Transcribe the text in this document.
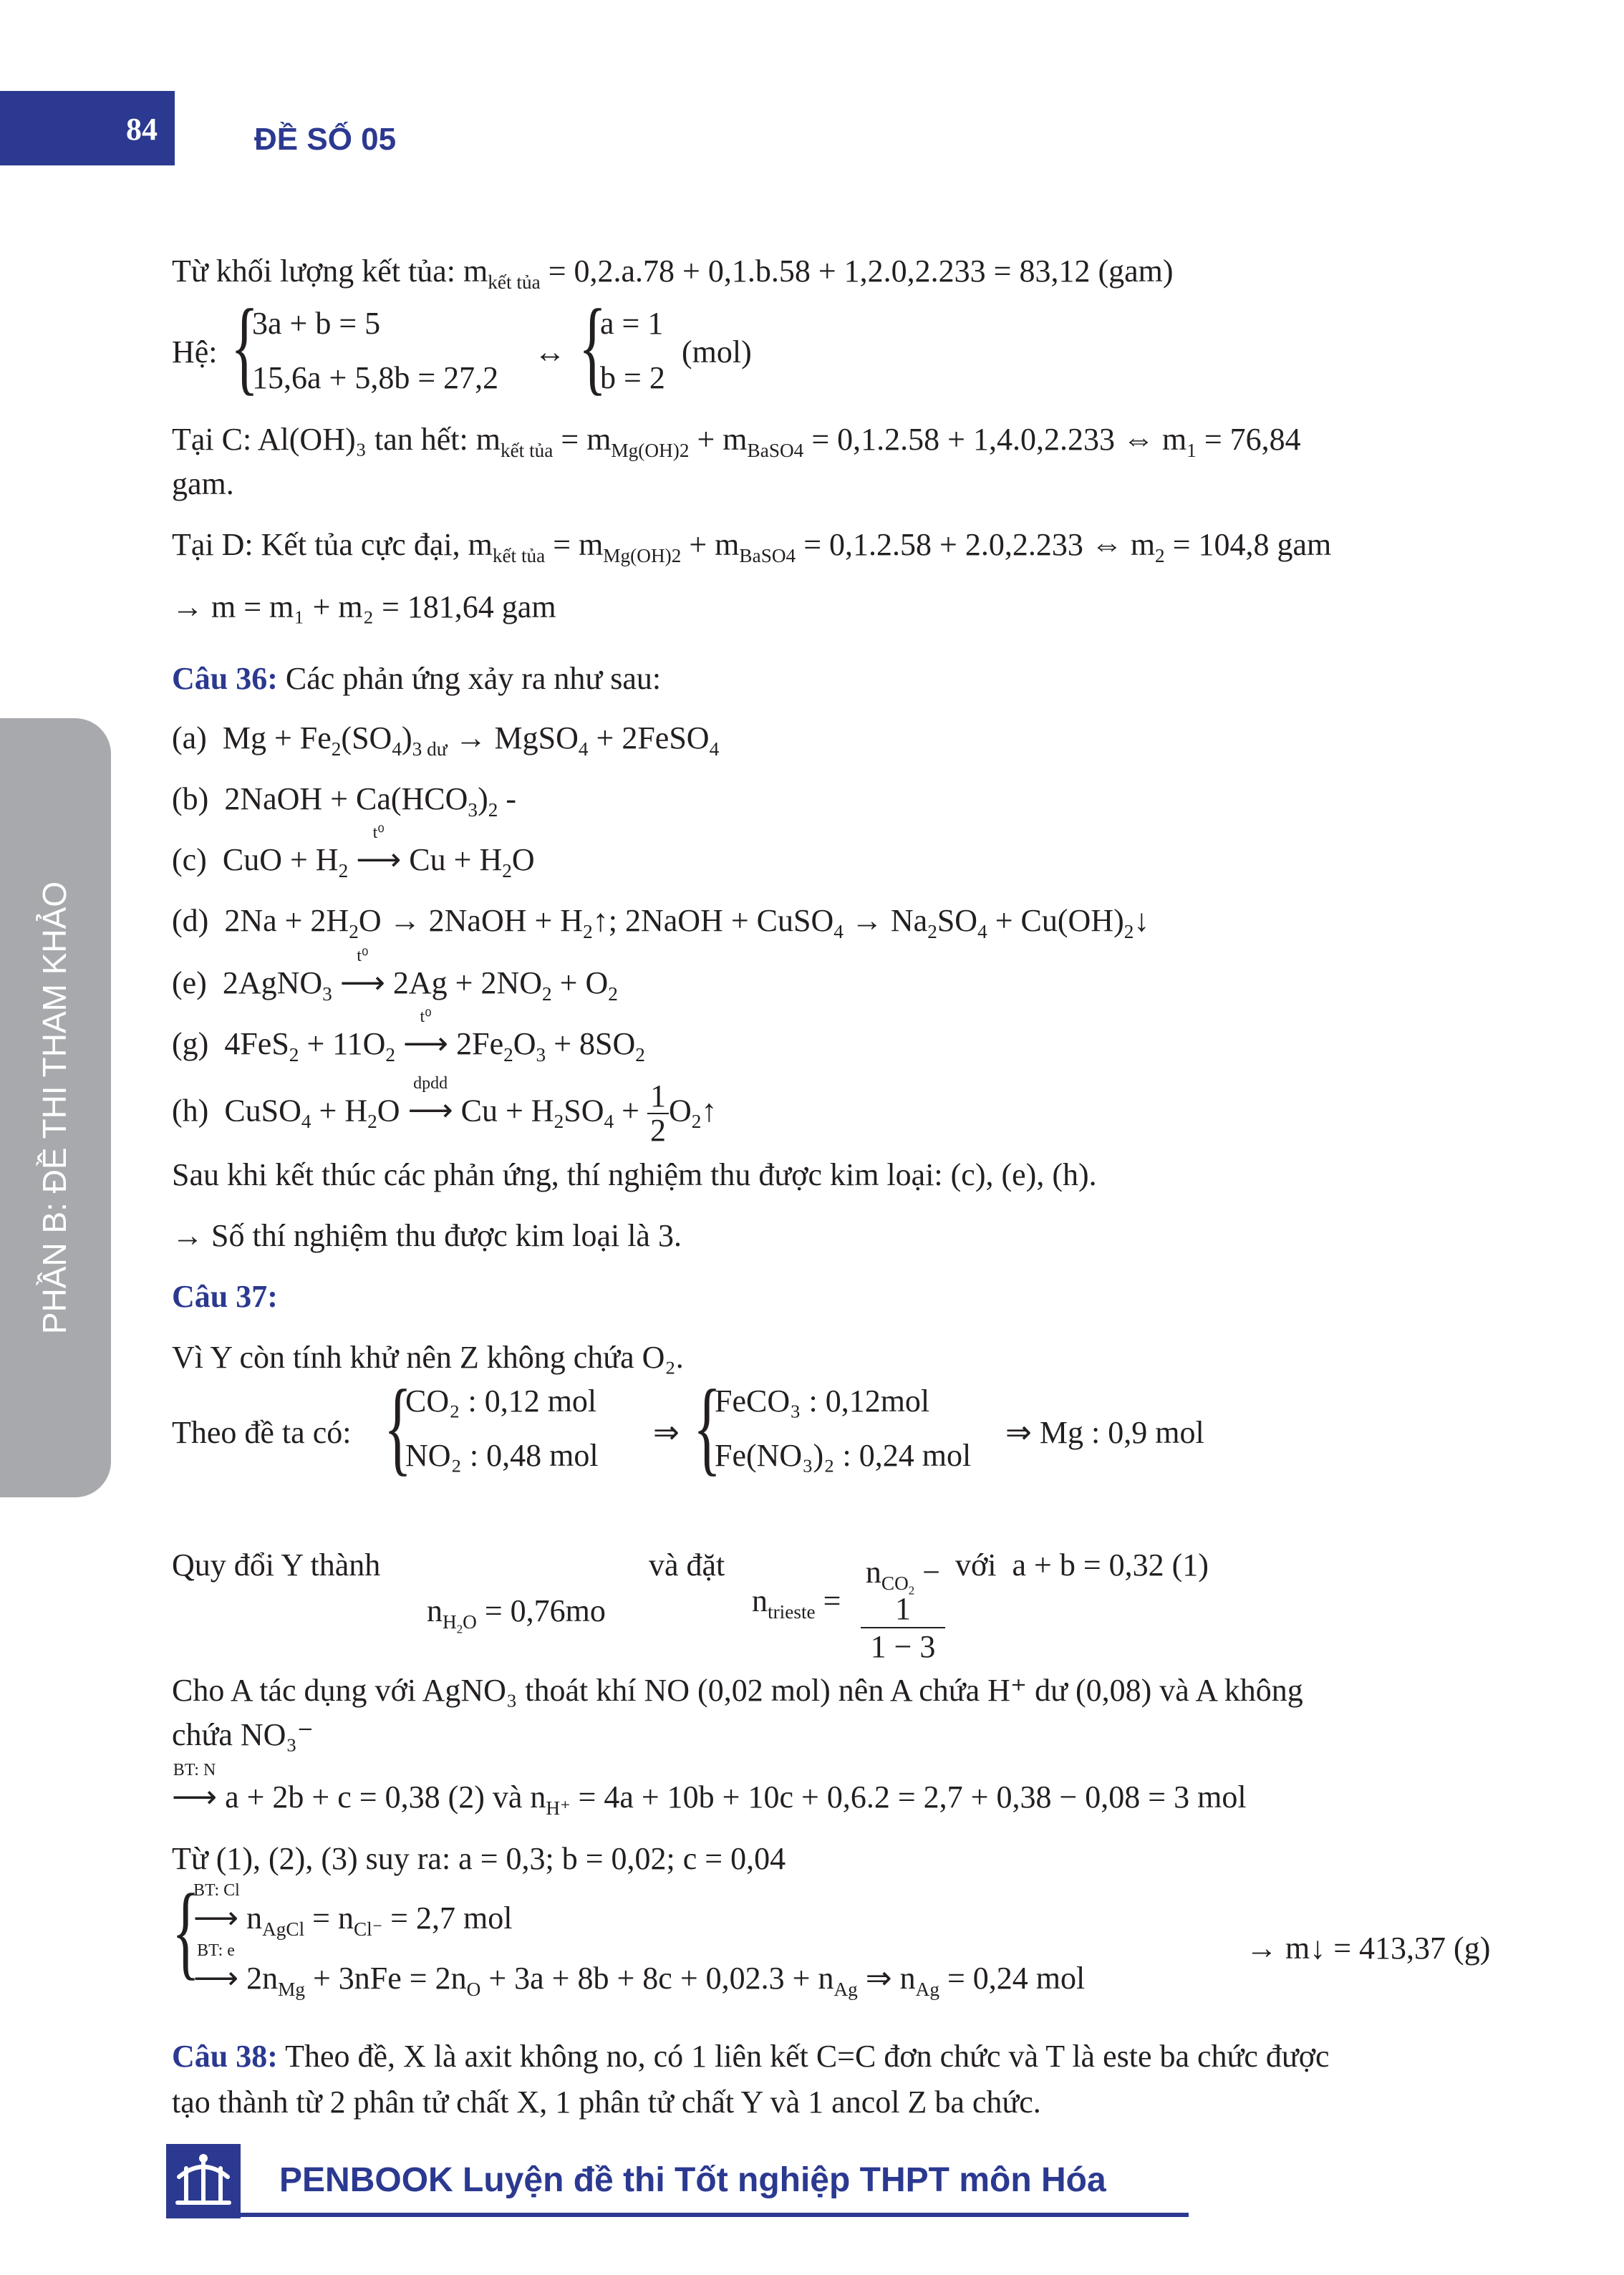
84	ĐỀ SỐ 05
PHẦN B: ĐỀ THI THAM KHẢO
Từ khối lượng kết tủa: $m_{kết tủa} = 0,2.a.78 + 0,1.b.58 + 1,2.0,2.233 = 83,12$ (gam)
Hệ: {
3a + b = 5
15,6a + 5,8b = 27,2
↔ {
a = 1
b = 2
(mol)
Tại C: Al(OH)₃ tan hết: $m_{kết tủa} = m_{Mg(OH)2} + m_{BaSO4} = 0,1.2.58 + 1,4.0,2.233$ ⇔ $m_1 = 76,84$
gam.
Tại D: Kết tủa cực đại, $m_{kết tủa} = m_{Mg(OH)2} + m_{BaSO4} = 0,1.2.58 + 2.0,2.233$ ⇔ $m_2 = 104,8$ gam
→ m = m₁ + m₂ = 181,64 gam
Câu 36: Các phản ứng xảy ra như sau:
(a)  $Mg + Fe_2(SO_4)_{3 dư}$ → MgSO$_4$ + 2FeSO$_4$
(b)  2NaOH + $Ca(HCO_3)_2$ -
(c)  CuO + $H_2$
t⁰
⟶ $Cu + H_2O$
(d)  $2Na + 2H_2O$ → 2NaOH + $H_2↑$; 2NaOH + CuSO$_4$ → $Na_2SO_4$ + $Cu(OH)_2↓$
(e)  2AgNO$_3$
t⁰
⟶ $2Ag + 2NO_2 + O_2$
(g)  $4FeS_2 + 11O_2$
t⁰
⟶ $2Fe_2O_3 + 8SO_2$
(h)  CuSO$_4$ + $H_2O$
dpdd
⟶ $Cu + H_2SO_4 + \frac{1}{2}$ $O_2↑$
Sau khi kết thúc các phản ứng, thí nghiệm thu được kim loại: (c), (e), (h).
→ Số thí nghiệm thu được kim loại là 3.
Câu 37:
Vì Y còn tính khử nên Z không chứa O₂.
Theo đề ta có: {
CO₂ : 0,12 mol
NO₂ : 0,48 mol
⇒ {
FeCO₃ : 0,12mol
Fe(NO₃)₂ : 0,24 mol
⇒ Mg : 0,9 mol
Quy đổi Y thành	và đặt	với a + b = 0,32 (1)
$n_{H_2O} = 0,76mo$	$n_{trieste}$ =
$n_{CO_2} - 1$
1 − 3
Cho A tác dụng với AgNO₃ thoát khí NO (0,02 mol) nên A chứa H⁺ dư (0,08) và A không
chứa NO₃⁻
BT: N
⟶ a + 2b + c = 0,38 (2) và $n_{H^+} = 4a + 10b + 10c + 0,6.2 = 2,7 + 0,38 - 0,08 = 3$ mol
Từ (1), (2), (3) suy ra: a = 0,3; b = 0,02; c = 0,04
{
BT: Cl
⟶ $n_{AgCl} = n_{Cl^-} = 2,7$ mol
BT: e
⟶ $2n_{Mg} + 3nFe = 2n_O + 3a + 8b + 8c + 0,02.3 + n_{Ag}$ ⇒ $n_{Ag} = 0,24$ mol
→ m↓ = 413,37 (g)
Câu 38: Theo đề, X là axit không no, có 1 liên kết C=C đơn chức và T là este ba chức được
tạo thành từ 2 phân tử chất X, 1 phân tử chất Y và 1 ancol Z ba chức.
PENBOOK Luyện đề thi Tốt nghiệp THPT môn Hóa
